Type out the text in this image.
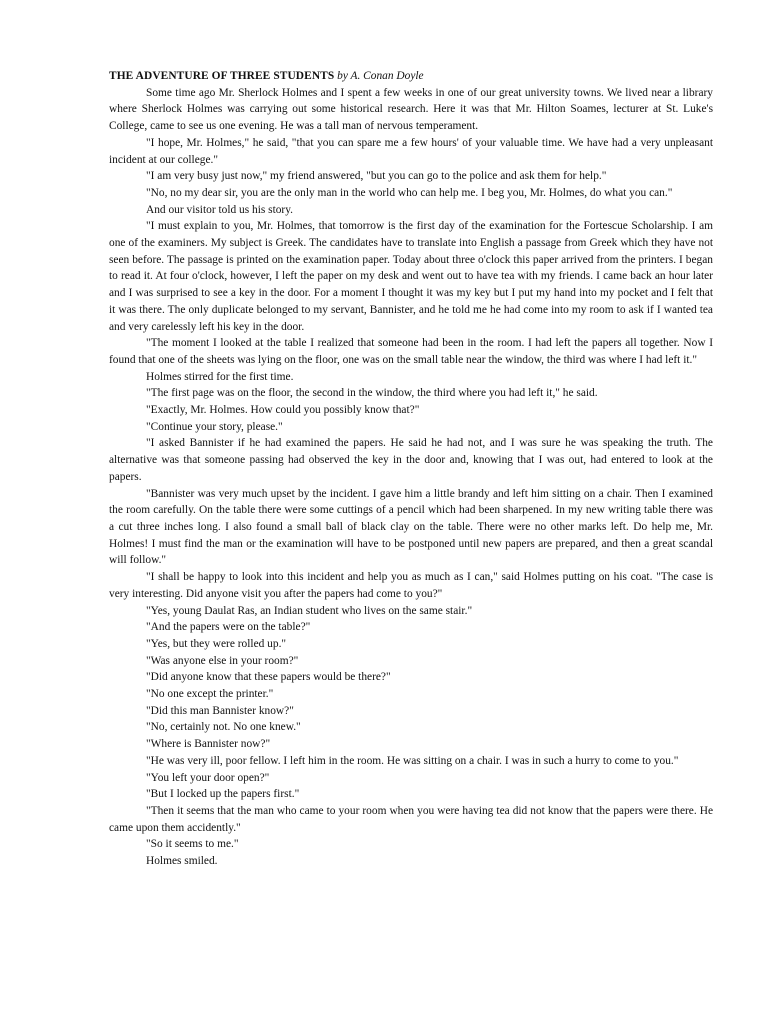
THE ADVENTURE OF THREE STUDENTS by A. Conan Doyle

Some time ago Mr. Sherlock Holmes and I spent a few weeks in one of our great university towns. We lived near a library where Sherlock Holmes was carrying out some historical research. Here it was that Mr. Hilton Soames, lecturer at St. Luke's College, came to see us one evening. He was a tall man of nervous temperament.

"I hope, Mr. Holmes," he said, "that you can spare me a few hours' of your valuable time. We have had a very unpleasant incident at our college."

"I am very busy just now," my friend answered, "but you can go to the police and ask them for help."

"No, no my dear sir, you are the only man in the world who can help me. I beg you, Mr. Holmes, do what you can."

And our visitor told us his story.

"I must explain to you, Mr. Holmes, that tomorrow is the first day of the examination for the Fortescue Scholarship. I am one of the examiners. My subject is Greek. The candidates have to translate into English a passage from Greek which they have not seen before. The passage is printed on the examination paper. Today about three o'clock this paper arrived from the printers. I began to read it. At four o'clock, however, I left the paper on my desk and went out to have tea with my friends. I came back an hour later and I was surprised to see a key in the door. For a moment I thought it was my key but I put my hand into my pocket and I felt that it was there. The only duplicate belonged to my servant, Bannister, and he told me he had come into my room to ask if I wanted tea and very carelessly left his key in the door.

"The moment I looked at the table I realized that someone had been in the room. I had left the papers all together. Now I found that one of the sheets was lying on the floor, one was on the small table near the window, the third was where I had left it."

Holmes stirred for the first time.

"The first page was on the floor, the second in the window, the third where you had left it," he said.

"Exactly, Mr. Holmes. How could you possibly know that?"

"Continue your story, please."

"I asked Bannister if he had examined the papers. He said he had not, and I was sure he was speaking the truth. The alternative was that someone passing had observed the key in the door and, knowing that I was out, had entered to look at the papers.

"Bannister was very much upset by the incident. I gave him a little brandy and left him sitting on a chair. Then I examined the room carefully. On the table there were some cuttings of a pencil which had been sharpened. In my new writing table there was a cut three inches long. I also found a small ball of black clay on the table. There were no other marks left. Do help me, Mr. Holmes! I must find the man or the examination will have to be postponed until new papers are prepared, and then a great scandal will follow."

"I shall be happy to look into this incident and help you as much as I can," said Holmes putting on his coat. "The case is very interesting. Did anyone visit you after the papers had come to you?"

"Yes, young Daulat Ras, an Indian student who lives on the same stair."

"And the papers were on the table?"

"Yes, but they were rolled up."

"Was anyone else in your room?"

"Did anyone know that these papers would be there?"

"No one except the printer."

"Did this man Bannister know?"

"No, certainly not. No one knew."

"Where is Bannister now?"

"He was very ill, poor fellow. I left him in the room. He was sitting on a chair. I was in such a hurry to come to you."

"You left your door open?"

"But I locked up the papers first."

"Then it seems that the man who came to your room when you were having tea did not know that the papers were there. He came upon them accidently."

"So it seems to me."

Holmes smiled.
